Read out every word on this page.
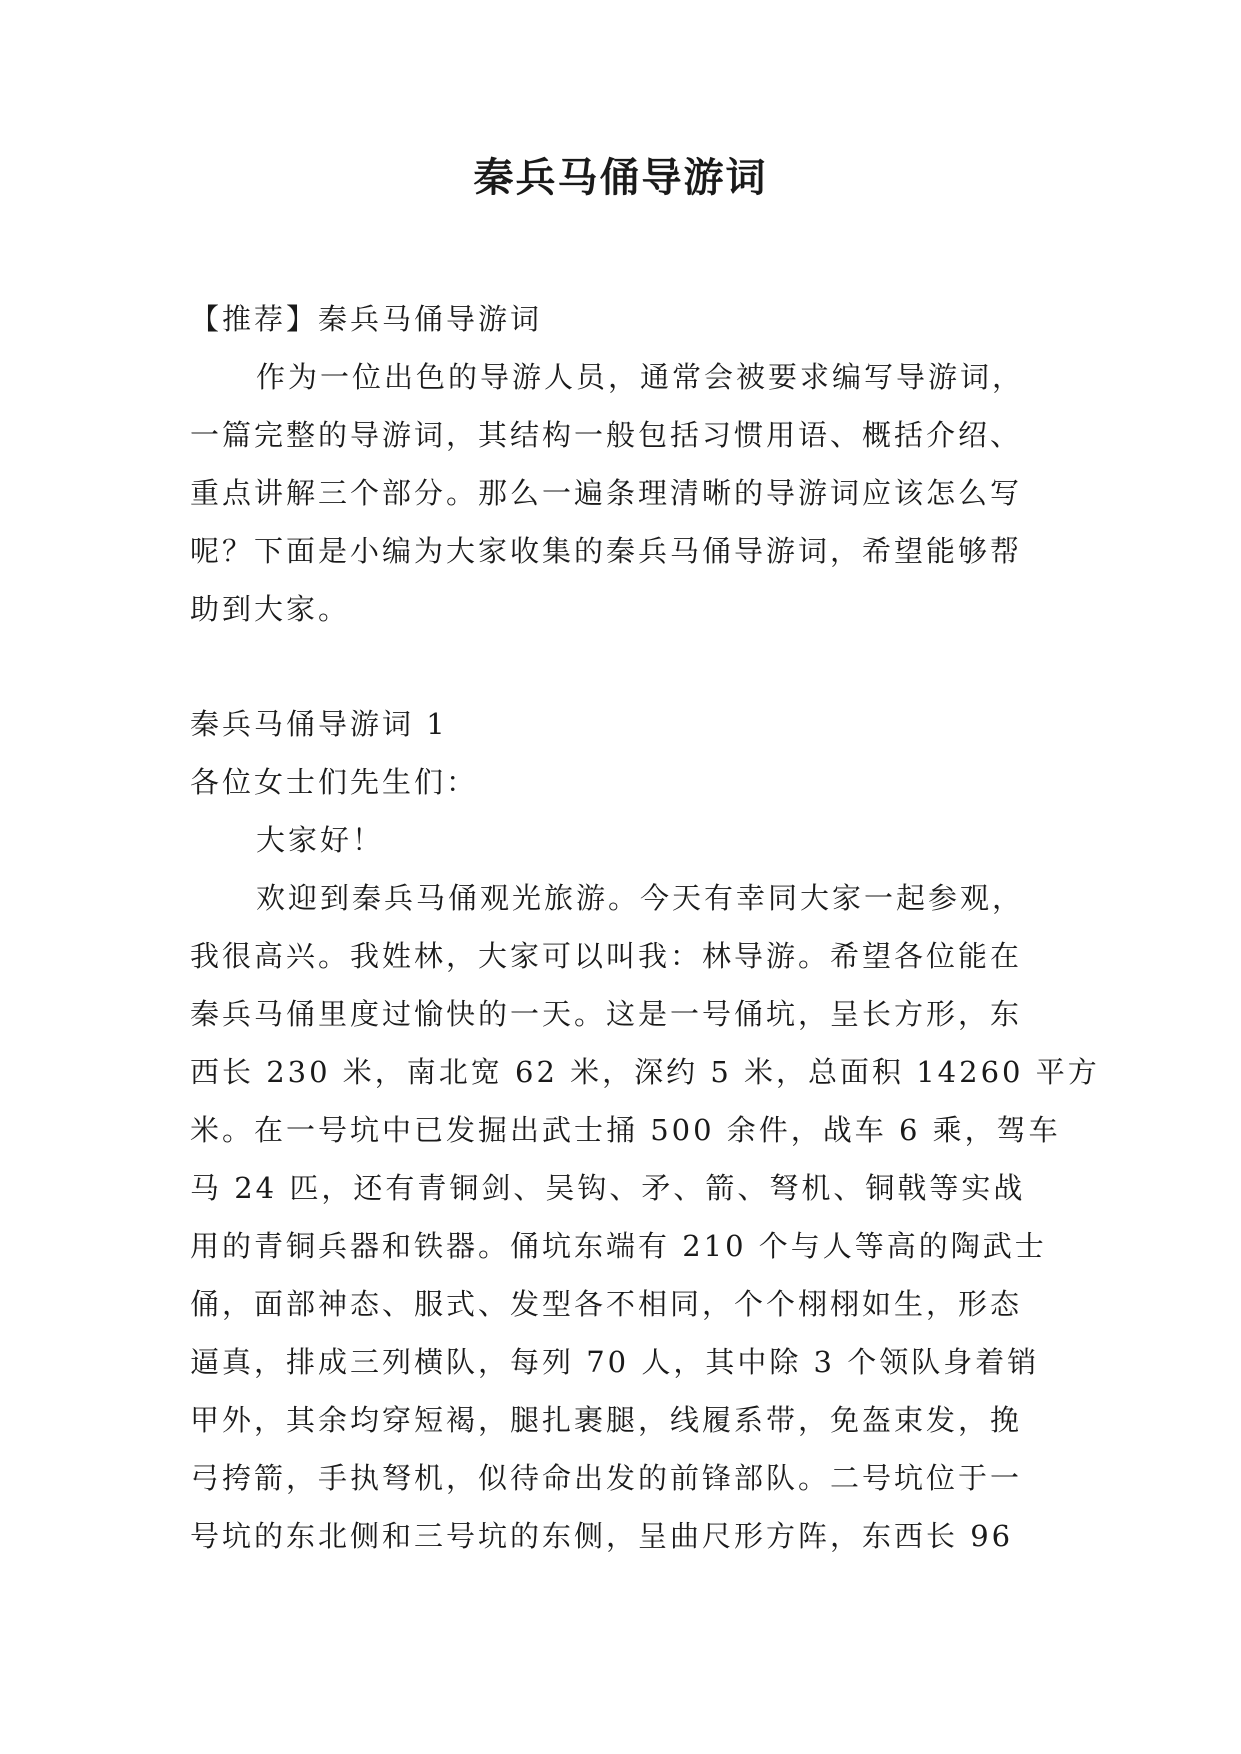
秦兵马俑导游词
【推荐】秦兵马俑导游词
作为一位出色的导游人员，通常会被要求编写导游词，
一篇完整的导游词，其结构一般包括习惯用语、概括介绍、
重点讲解三个部分。那么一遍条理清晰的导游词应该怎么写
呢？下面是小编为大家收集的秦兵马俑导游词，希望能够帮
助到大家。
秦兵马俑导游词 1
各位女士们先生们：
大家好！
欢迎到秦兵马俑观光旅游。今天有幸同大家一起参观，
我很高兴。我姓林，大家可以叫我：林导游。希望各位能在
秦兵马俑里度过愉快的一天。这是一号俑坑，呈长方形，东
西长 230 米，南北宽 62 米，深约 5 米，总面积 14260 平方
米。在一号坑中已发掘出武士捅 500 余件，战车 6 乘，驾车
马 24 匹，还有青铜剑、吴钩、矛、箭、弩机、铜戟等实战
用的青铜兵器和铁器。俑坑东端有 210 个与人等高的陶武士
俑，面部神态、服式、发型各不相同，个个栩栩如生，形态
逼真，排成三列横队，每列 70 人，其中除 3 个领队身着销
甲外，其余均穿短褐，腿扎裹腿，线履系带，免盔束发，挽
弓挎箭，手执弩机，似待命出发的前锋部队。二号坑位于一
号坑的东北侧和三号坑的东侧，呈曲尺形方阵，东西长 96
